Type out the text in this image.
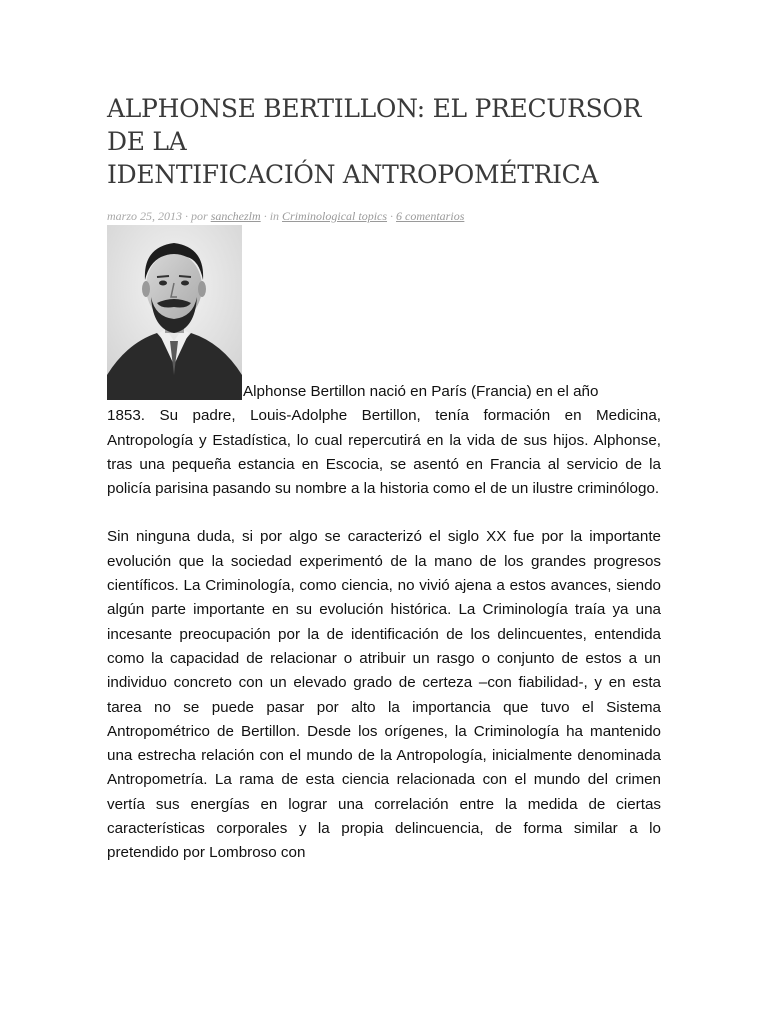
ALPHONSE BERTILLON: EL PRECURSOR
DE LA
IDENTIFICACIÓN ANTROPOMÉTRICA
marzo 25, 2013 · por sanchezlm · in Criminological topics · 6 comentarios

Alphonse Bertillon nació en París (Francia) en el año
1853. Su padre, Louis-Adolphe Bertillon, tenía formación en Medicina, Antropología y Estadística, lo cual repercutirá en la vida de sus hijos. Alphonse, tras una pequeña estancia en Escocia, se asentó en Francia al servicio de la policía parisina pasando su nombre a la historia como el de un ilustre criminólogo.

Sin ninguna duda, si por algo se caracterizó el siglo XX fue por la importante evolución que la sociedad experimentó de la mano de los grandes progresos científicos. La Criminología, como ciencia, no vivió ajena a estos avances, siendo algún parte importante en su evolución histórica. La Criminología traía ya una incesante preocupación por la de identificación de los delincuentes, entendida como la capacidad de relacionar o atribuir un rasgo o conjunto de estos a un individuo concreto con un elevado grado de certeza –con fiabilidad-, y en esta tarea no se puede pasar por alto la importancia que tuvo el Sistema Antropométrico de Bertillon. Desde los orígenes, la Criminología ha mantenido una estrecha relación con el mundo de la Antropología, inicialmente denominada Antropometría. La rama de esta ciencia relacionada con el mundo del crimen vertía sus energías en lograr una correlación entre la medida de ciertas características corporales y la propia delincuencia, de forma similar a lo pretendido por Lombroso con
